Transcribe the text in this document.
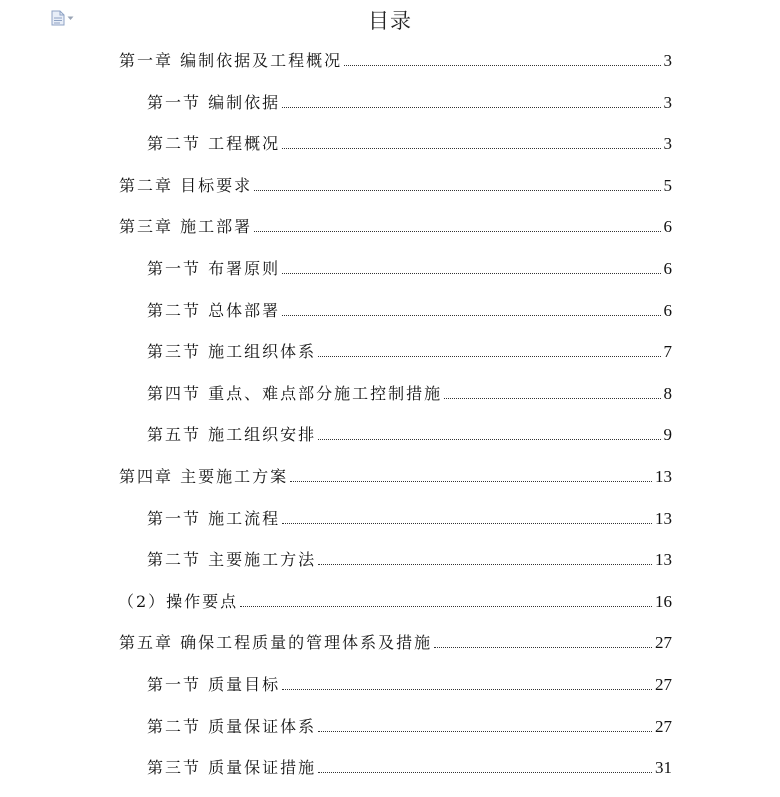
目录
第一章 编制依据及工程概况	3
第一节 编制依据	3
第二节 工程概况	3
第二章 目标要求	5
第三章 施工部署	6
第一节 布署原则	6
第二节 总体部署	6
第三节 施工组织体系	7
第四节 重点、难点部分施工控制措施	8
第五节 施工组织安排	9
第四章 主要施工方案	13
第一节 施工流程	13
第二节 主要施工方法	13
（2）操作要点	16
第五章 确保工程质量的管理体系及措施	27
第一节 质量目标	27
第二节 质量保证体系	27
第三节 质量保证措施	31
